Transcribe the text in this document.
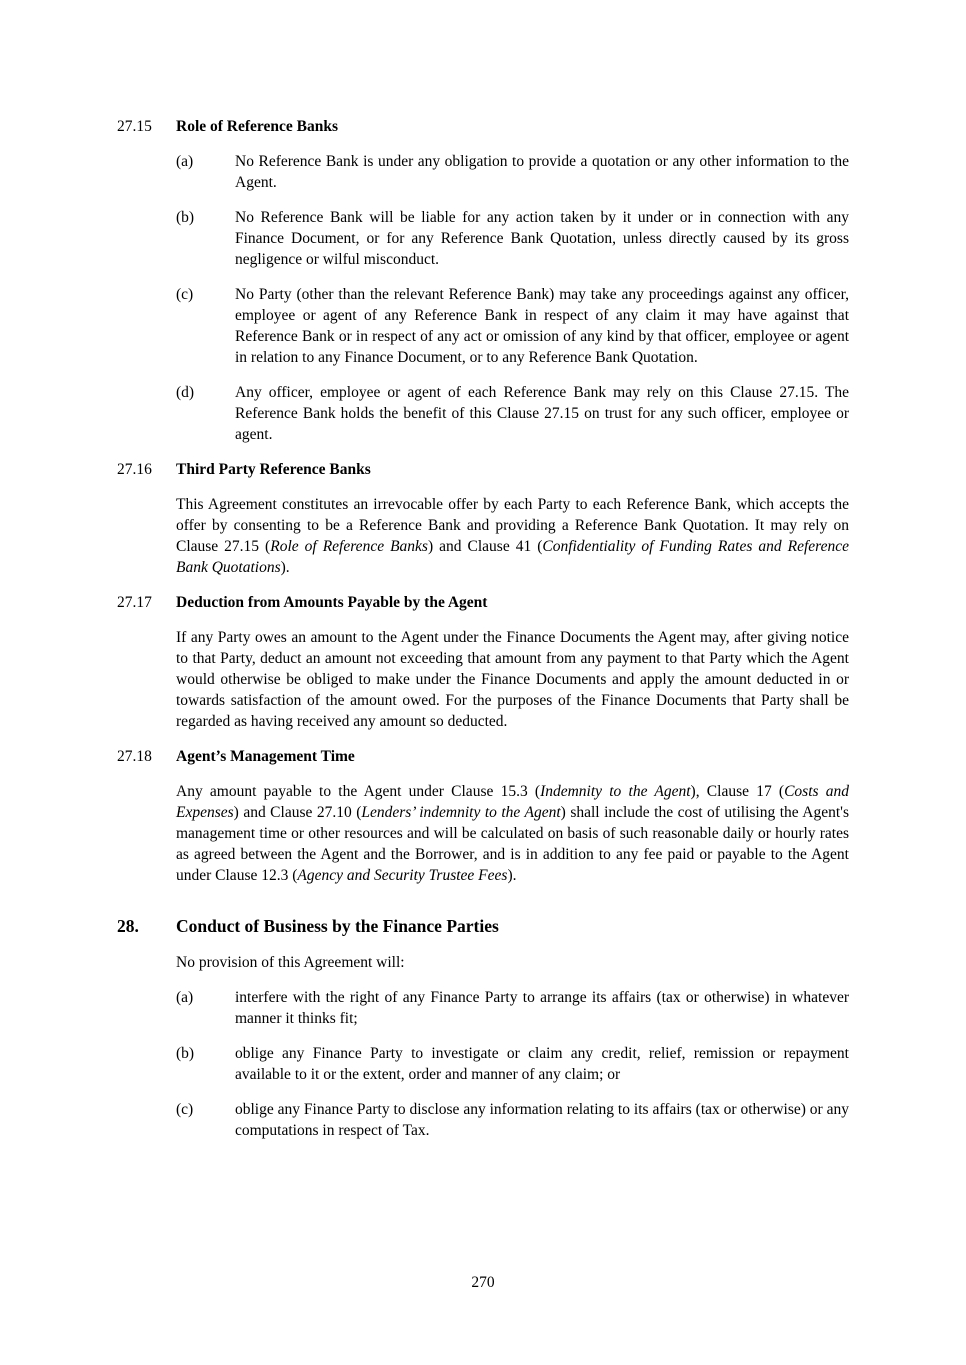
27.15	Role of Reference Banks
(a)	No Reference Bank is under any obligation to provide a quotation or any other information to the Agent.
(b)	No Reference Bank will be liable for any action taken by it under or in connection with any Finance Document, or for any Reference Bank Quotation, unless directly caused by its gross negligence or wilful misconduct.
(c)	No Party (other than the relevant Reference Bank) may take any proceedings against any officer, employee or agent of any Reference Bank in respect of any claim it may have against that Reference Bank or in respect of any act or omission of any kind by that officer, employee or agent in relation to any Finance Document, or to any Reference Bank Quotation.
(d)	Any officer, employee or agent of each Reference Bank may rely on this Clause 27.15. The Reference Bank holds the benefit of this Clause 27.15 on trust for any such officer, employee or agent.
27.16	Third Party Reference Banks
This Agreement constitutes an irrevocable offer by each Party to each Reference Bank, which accepts the offer by consenting to be a Reference Bank and providing a Reference Bank Quotation. It may rely on Clause 27.15 (Role of Reference Banks) and Clause 41 (Confidentiality of Funding Rates and Reference Bank Quotations).
27.17	Deduction from Amounts Payable by the Agent
If any Party owes an amount to the Agent under the Finance Documents the Agent may, after giving notice to that Party, deduct an amount not exceeding that amount from any payment to that Party which the Agent would otherwise be obliged to make under the Finance Documents and apply the amount deducted in or towards satisfaction of the amount owed. For the purposes of the Finance Documents that Party shall be regarded as having received any amount so deducted.
27.18	Agent’s Management Time
Any amount payable to the Agent under Clause 15.3 (Indemnity to the Agent), Clause 17 (Costs and Expenses) and Clause 27.10 (Lenders’ indemnity to the Agent) shall include the cost of utilising the Agent's management time or other resources and will be calculated on basis of such reasonable daily or hourly rates as agreed between the Agent and the Borrower, and is in addition to any fee paid or payable to the Agent under Clause 12.3 (Agency and Security Trustee Fees).
28.	Conduct of Business by the Finance Parties
No provision of this Agreement will:
(a)	interfere with the right of any Finance Party to arrange its affairs (tax or otherwise) in whatever manner it thinks fit;
(b)	oblige any Finance Party to investigate or claim any credit, relief, remission or repayment available to it or the extent, order and manner of any claim; or
(c)	oblige any Finance Party to disclose any information relating to its affairs (tax or otherwise) or any computations in respect of Tax.
270
